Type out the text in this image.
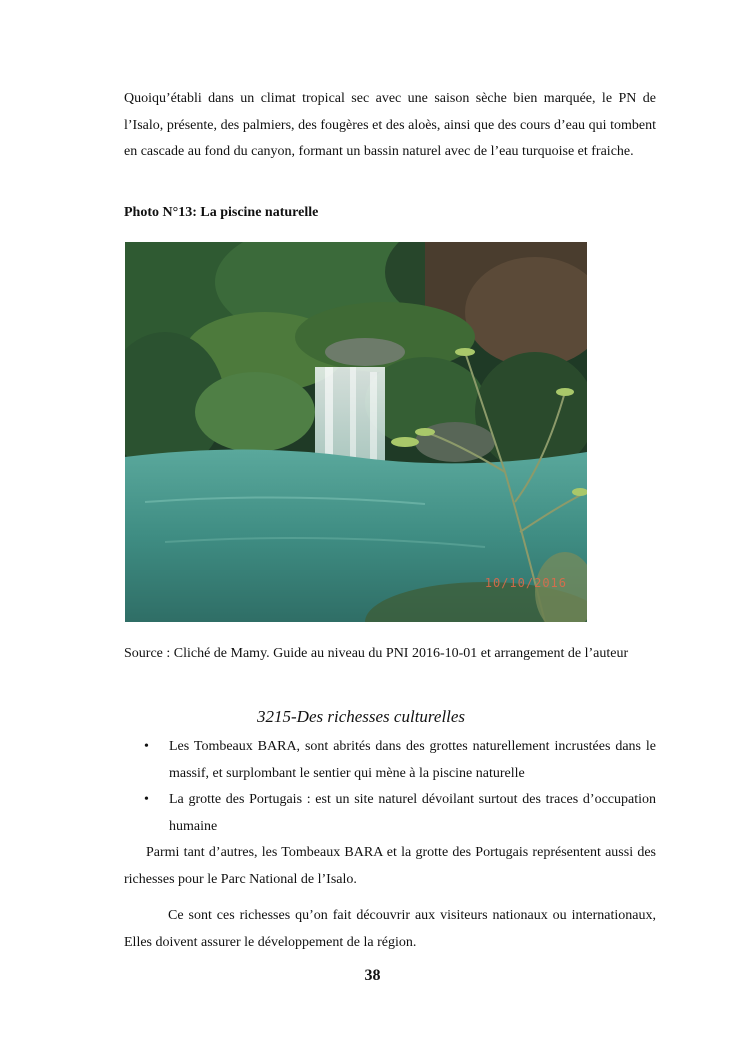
Quoiqu’établi dans un climat tropical sec avec une saison sèche bien marquée, le PN de l’Isalo, présente, des palmiers, des fougères et des aloès, ainsi que des cours d’eau qui tombent en cascade au fond du canyon, formant un bassin naturel avec de l’eau turquoise et fraiche.

Photo N°13: La piscine naturelle

10/10/2016

Source : Cliché de Mamy. Guide au niveau du PNI 2016-10-01 et arrangement de l’auteur

3215-Des richesses culturelles

• Les Tombeaux BARA, sont abrités dans des grottes naturellement incrustées dans le massif, et surplombant le sentier qui mène à la piscine naturelle
• La grotte des Portugais : est un site naturel dévoilant surtout des traces d’occupation humaine

Parmi tant d’autres, les Tombeaux BARA et la grotte des Portugais représentent aussi des richesses pour le Parc National de l’Isalo.

Ce sont ces richesses qu’on fait découvrir aux visiteurs nationaux ou internationaux, Elles doivent assurer le développement de la région.

38
